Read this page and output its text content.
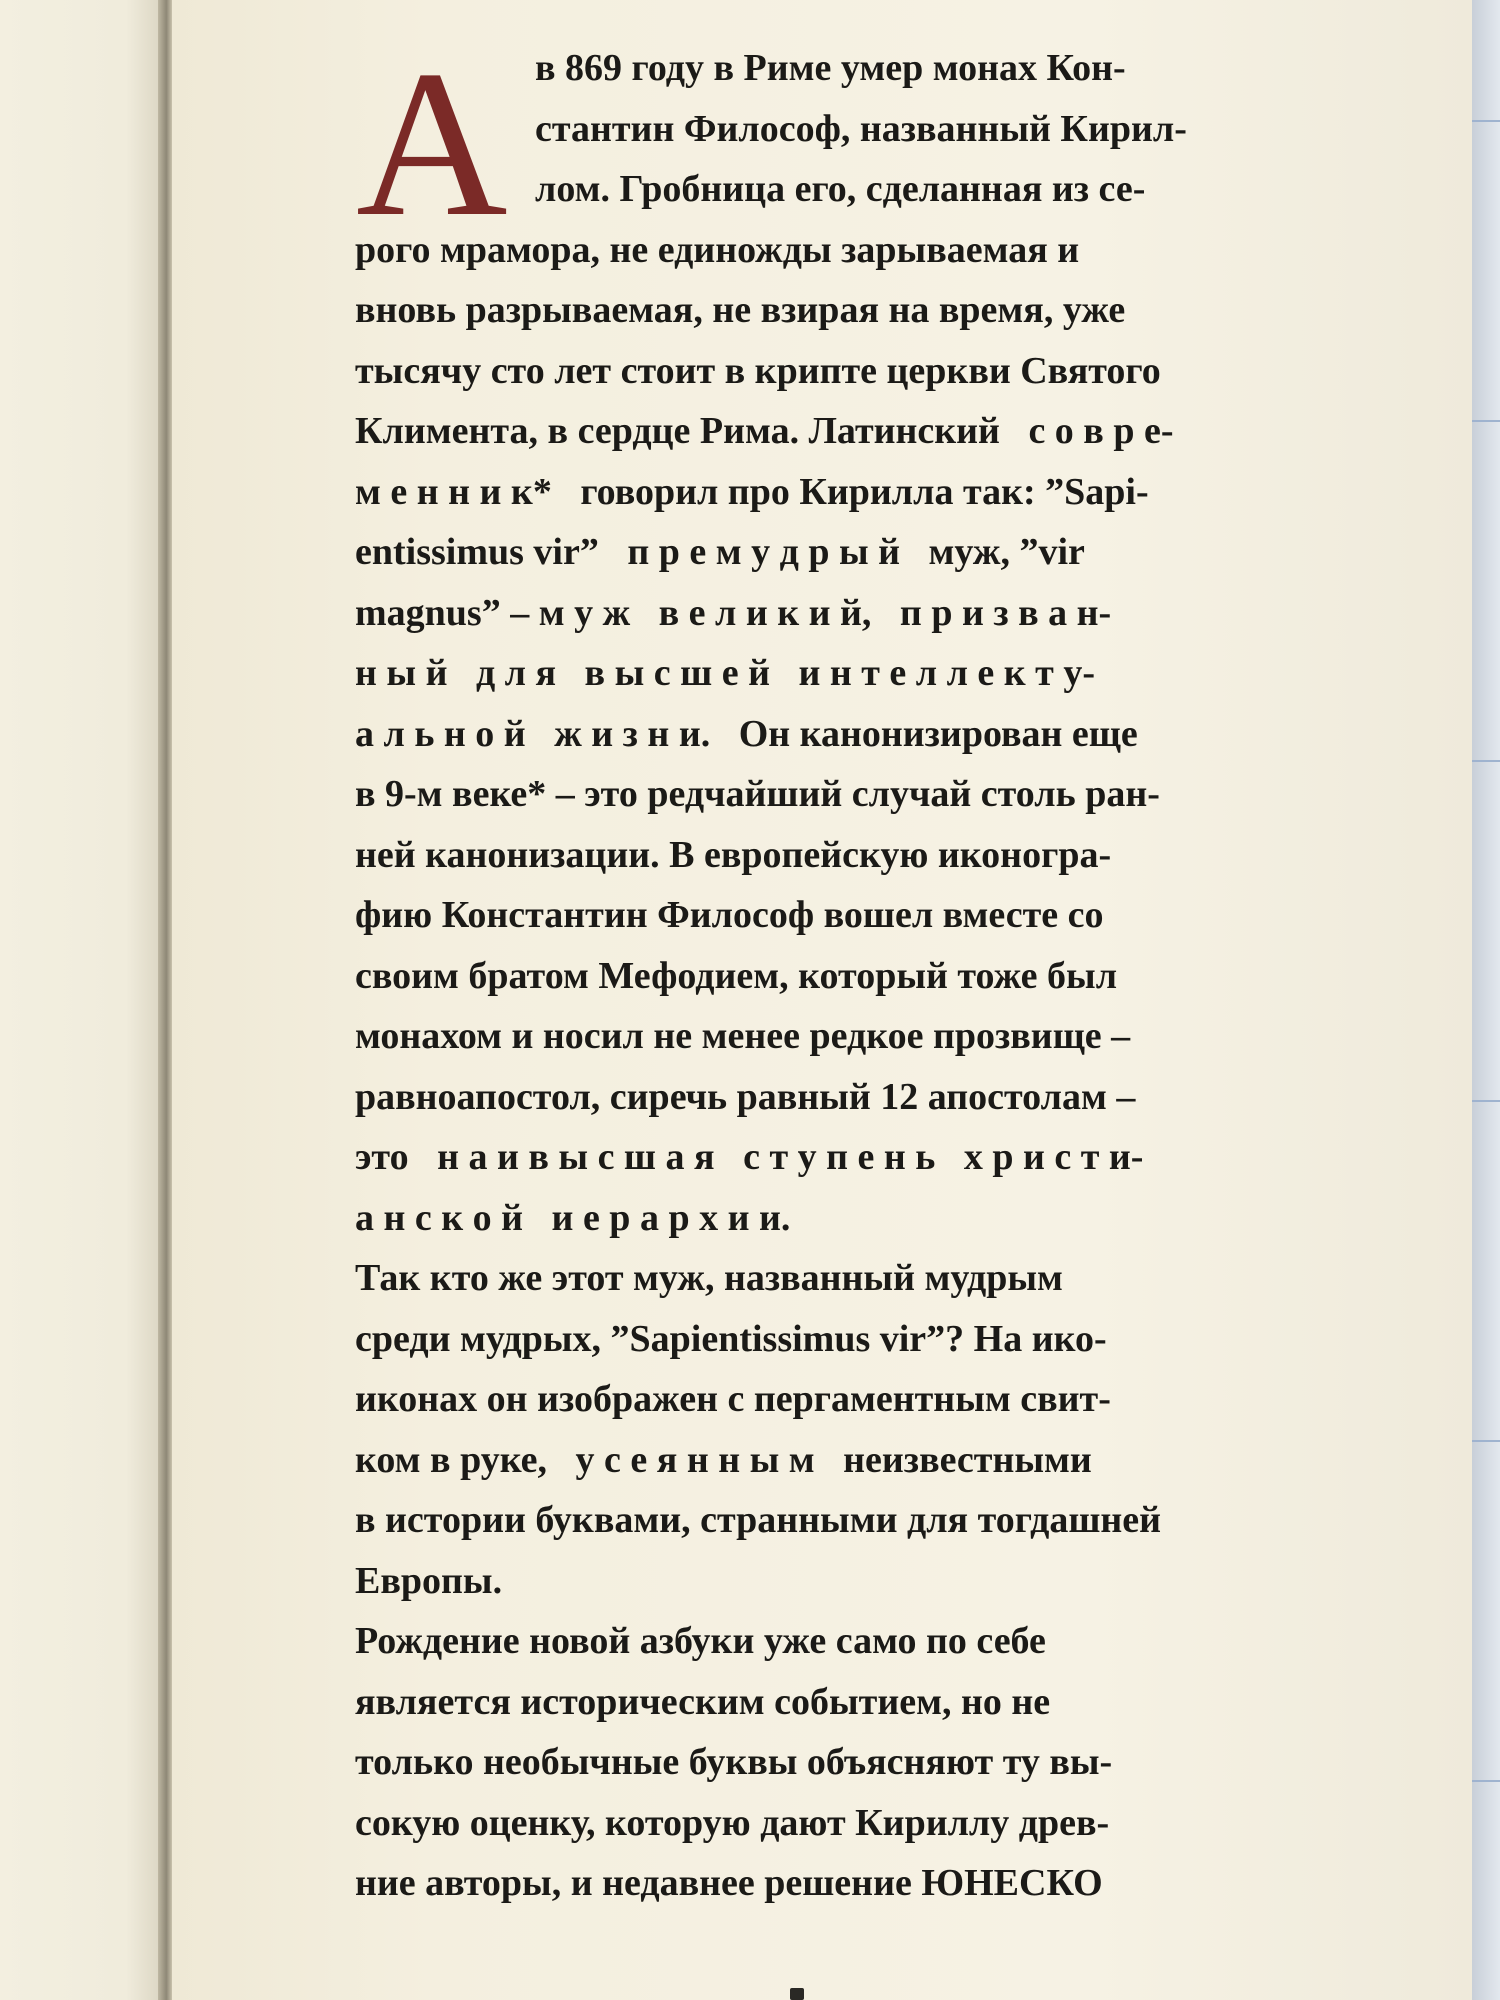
А в 869 году в Риме умер монах Кон-
стантин Философ, названный Кирил-
лом. Гробница его, сделанная из се-
рого мрамора, не единожды зарываемая и
вновь разрываемая, не взирая на время, уже
тысячу сто лет стоит в крипте церкви Святого
Климента, в сердце Рима. Латинский   с о в р е-
м е н н и к*   говорил про Кирилла так: ”Sapi-
entissimus vir”   п р е м у д р ы й   муж, ”vir
magnus” – м у ж   в е л и к и й,   п р и з в а н-
н ы й   д л я   в ы с ш е й   и н т е л л е к т у-
а л ь н о й   ж и з н и.   Он канонизирован еще
в 9-м веке* – это редчайший случай столь ран-
ней канонизации. В европейскую иконогра-
фию Константин Философ вошел вместе со
своим братом Мефодием, который тоже был
монахом и носил не менее редкое прозвище –
равноапостол, сиречь равный 12 апостолам –
это   н а и в ы с ш а я   с т у п е н ь   х р и с т и-
а н с к о й   и е р а р х и и.
Так кто же этот муж, названный мудрым
среди мудрых, ”Sapientissimus vir”? На ико-
иконах он изображен с пергаментным свит-
ком в руке,   у с е я н н ы м   неизвестными
в истории буквами, странными для тогдашней
Европы.
Рождение новой азбуки уже само по себе
является историческим событием, но не
только необычные буквы объясняют ту вы-
сокую оценку, которую дают Кириллу древ-
ние авторы, и недавнее решение ЮНЕСКО
